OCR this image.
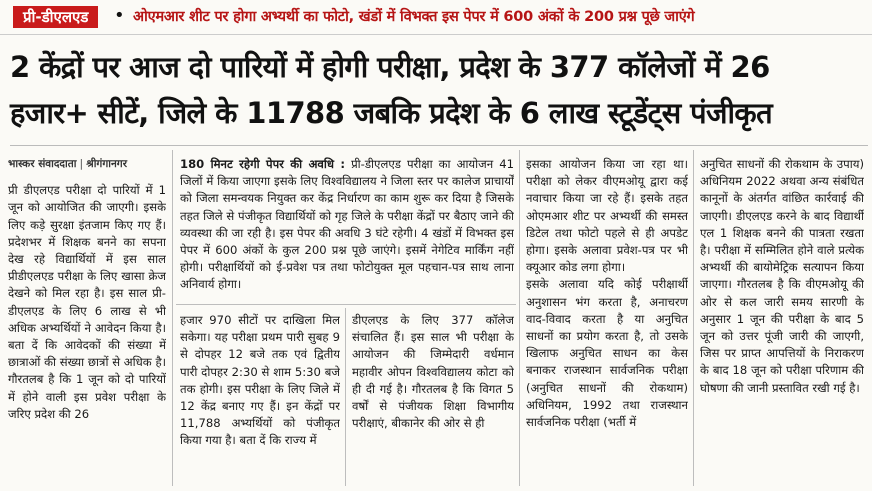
प्री-डीएलएड	• ओएमआर शीट पर होगा अभ्यर्थी का फोटो, खंडों में विभक्त इस पेपर में 600 अंकों के 200 प्रश्न पूछे जाएंगे
2 केंद्रों पर आज दो पारियों में होगी परीक्षा, प्रदेश के 377 कॉलेजों में 26
हजार+ सीटें, जिले के 11788 जबकि प्रदेश के 6 लाख स्टूडेंट्स पंजीकृत
भास्कर संवाददाता | श्रीगंगानगर
प्री डीएलएड परीक्षा दो पारियों में 1 जून को आयोजित की जाएगी। इसके लिए कड़े सुरक्षा इंतजाम किए गए हैं। प्रदेशभर में शिक्षक बनने का सपना देख रहे विद्यार्थियों में इस साल प्रीडीएलएड परीक्षा के लिए खासा क्रेज देखने को मिल रहा है। इस साल प्री-डीएलएड के लिए 6 लाख से भी अधिक अभ्यर्थियों ने आवेदन किया है। बता दें कि आवेदकों की संख्या में छात्राओं की संख्या छात्रों से अधिक है। गौरतलब है कि 1 जून को दो पारियों में होने वाली इस प्रवेश परीक्षा के जरिए प्रदेश की 26
180 मिनट रहेगी पेपर की अवधि : प्री-डीएलएड परीक्षा का आयोजन 41 जिलों में किया जाएगा इसके लिए विश्वविद्यालय ने जिला स्तर पर कालेज प्राचार्यों को जिला समन्वयक नियुक्त कर केंद्र निर्धारण का काम शुरू कर दिया है जिसके तहत जिले से पंजीकृत विद्यार्थियों को गृह जिले के परीक्षा केंद्रों पर बैठाए जाने की व्यवस्था की जा रही है। इस पेपर की अवधि 3 घंटे रहेगी। 4 खंडों में विभक्त इस पेपर में 600 अंकों के कुल 200 प्रश्न पूछे जाएंगे। इसमें नेगेटिव मार्किंग नहीं होगी। परीक्षार्थियों को ई-प्रवेश पत्र तथा फोटोयुक्त मूल पहचान-पत्र साथ लाना अनिवार्य होगा।
हजार 970 सीटों पर दाखिला मिल सकेगा। यह परीक्षा प्रथम पारी सुबह 9 से दोपहर 12 बजे तक एवं द्वितीय पारी दोपहर 2:30 से शाम 5:30 बजे तक होगी। इस परीक्षा के लिए जिले में 12 केंद्र बनाए गए हैं। इन केंद्रों पर 11,788 अभ्यर्थियों को पंजीकृत किया गया है। बता दें कि राज्य में
डीएलएड के लिए 377 कॉलेज संचालित हैं। इस साल भी परीक्षा के आयोजन की जिम्मेदारी वर्धमान महावीर ओपन विश्वविद्यालय कोटा को ही दी गई है। गौरतलब है कि विगत 5 वर्षों से पंजीयक शिक्षा विभागीय परीक्षाएं, बीकानेर की ओर से ही
इसका आयोजन किया जा रहा था। परीक्षा को लेकर वीएमओयू द्वारा कई नवाचार किया जा रहे हैं। इसके तहत ओएमआर शीट पर अभ्यर्थी की समस्त डिटेल तथा फोटो पहले से ही अपडेट होगा। इसके अलावा प्रवेश-पत्र पर भी क्यूआर कोड लगा होगा।
इसके अलावा यदि कोई परीक्षार्थी अनुशासन भंग करता है, अनाचरण वाद-विवाद करता है या अनुचित साधनों का प्रयोग करता है, तो उसके खिलाफ अनुचित साधन का केस बनाकर राजस्थान सार्वजनिक परीक्षा (अनुचित साधनों की रोकथाम) अधिनियम, 1992 तथा राजस्थान सार्वजनिक परीक्षा (भर्ती में
अनुचित साधनों की रोकथाम के उपाय) अधिनियम 2022 अथवा अन्य संबंधित कानूनों के अंतर्गत वांछित कार्रवाई की जाएगी। डीएलएड करने के बाद विद्यार्थी एल 1 शिक्षक बनने की पात्रता रखता है। परीक्षा में सम्मिलित होने वाले प्रत्येक अभ्यर्थी की बायोमेट्रिक सत्यापन किया जाएगा। गौरतलब है कि वीएमओयू की ओर से कल जारी समय सारणी के अनुसार 1 जून की परीक्षा के बाद 5 जून को उत्तर पूंजी जारी की जाएगी, जिस पर प्राप्त आपत्तियों के निराकरण के बाद 18 जून को परीक्षा परिणाम की घोषणा की जानी प्रस्तावित रखी गई है।
